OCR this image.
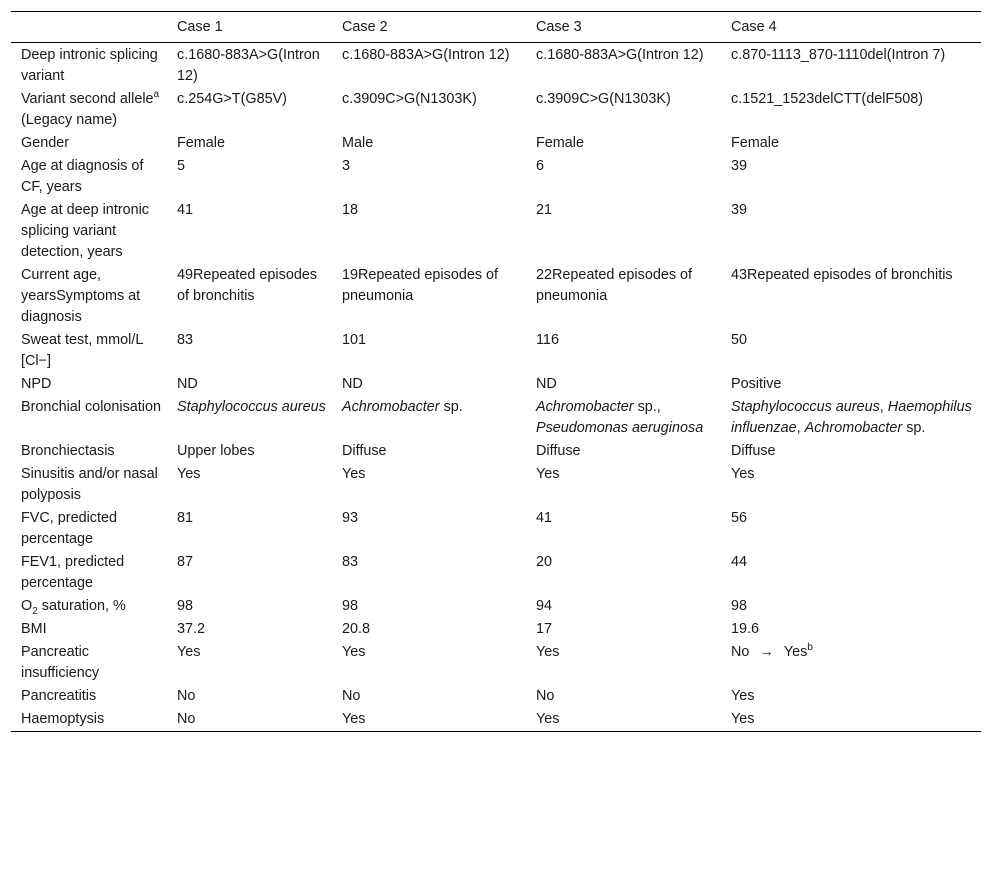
	Case 1	Case 2	Case 3	Case 4
Deep intronic splicing variant	c.1680-883A>G(Intron 12)	c.1680-883A>G(Intron 12)	c.1680-883A>G(Intron 12)	c.870-1113_870-1110del(Intron 7)
Variant second allele$^a$ (Legacy name)	c.254G>T(G85V)	c.3909C>G(N1303K)	c.3909C>G(N1303K)	c.1521_1523delCTT(delF508)
Gender	Female	Male	Female	Female
Age at diagnosis of CF, years	5	3	6	39
Age at deep intronic splicing variant detection, years	41	18	21	39
Current age, yearsSymptoms at diagnosis	49Repeated episodes of bronchitis	19Repeated episodes of pneumonia	22Repeated episodes of pneumonia	43Repeated episodes of bronchitis
Sweat test, mmol/L [Cl−]	83	101	116	50
NPD	ND	ND	ND	Positive
Bronchial colonisation	Staphylococcus aureus	Achromobacter sp.	Achromobacter sp., Pseudomonas aeruginosa	Staphylococcus aureus, Haemophilus influenzae, Achromobacter sp.
Bronchiectasis	Upper lobes	Diffuse	Diffuse	Diffuse
Sinusitis and/or nasal polyposis	Yes	Yes	Yes	Yes
FVC, predicted percentage	81	93	41	56
FEV1, predicted percentage	87	83	20	44
$O_2$ saturation, %	98	98	94	98
BMI	37.2	20.8	17	19.6
Pancreatic insufficiency	Yes	Yes	Yes	No → Yes$^b$
Pancreatitis	No	No	No	Yes
Haemoptysis	No	Yes	Yes	Yes
